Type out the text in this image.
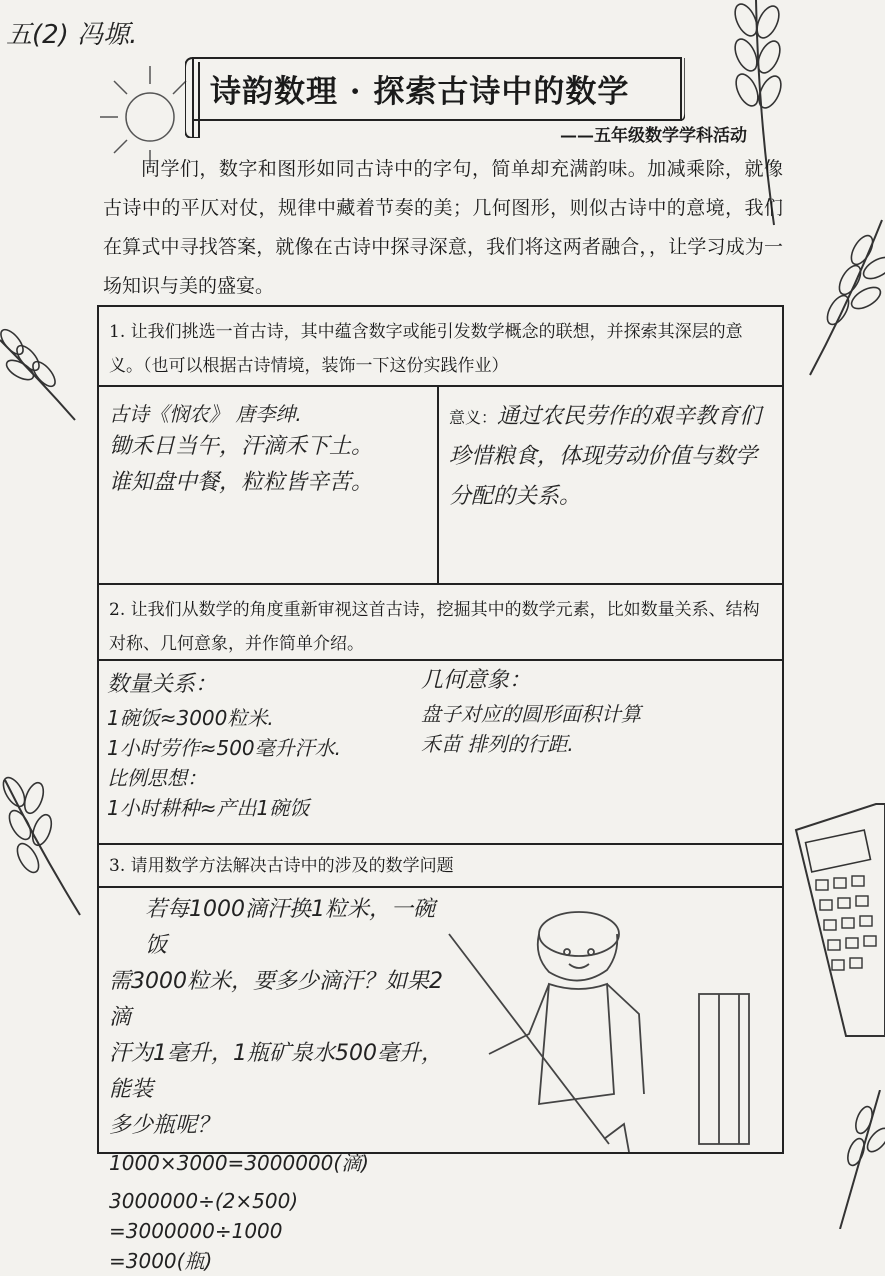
五(2) 冯塬.
诗韵数理 · 探索古诗中的数学
——五年级数学学科活动
同学们，数字和图形如同古诗中的字句，简单却充满韵味。加减乘除，就像古诗中的平仄对仗，规律中藏着节奏的美；几何图形，则似古诗中的意境，我们在算式中寻找答案，就像在古诗中探寻深意，我们将这两者融合，，让学习成为一场知识与美的盛宴。
1. 让我们挑选一首古诗，其中蕴含数字或能引发数学概念的联想，并探索其深层的意义。（也可以根据古诗情境，装饰一下这份实践作业）
古诗《悯农》 唐李绅.
锄禾日当午，汗滴禾下土。
谁知盘中餐，粒粒皆辛苦。
意义：通过农民劳作的艰辛教育们珍惜粮食，体现劳动价值与数学分配的关系。
2. 让我们从数学的角度重新审视这首古诗，挖掘其中的数学元素，比如数量关系、结构对称、几何意象，并作简单介绍。
数量关系：
1碗饭≈3000粒米.
1小时劳作≈500毫升汗水.
比例思想：
1小时耕种≈产出1碗饭
几何意象：
盘子对应的圆形面积计算
禾苗 排列的行距.
3. 请用数学方法解决古诗中的涉及的数学问题
若每1000滴汗换1粒米，一碗饭
需3000粒米，要多少滴汗？如果2滴
汗为1毫升，1瓶矿泉水500毫升，能装
多少瓶呢？
1000×3000=3000000(滴)
3000000÷(2×500)
=3000000÷1000
=3000(瓶)
